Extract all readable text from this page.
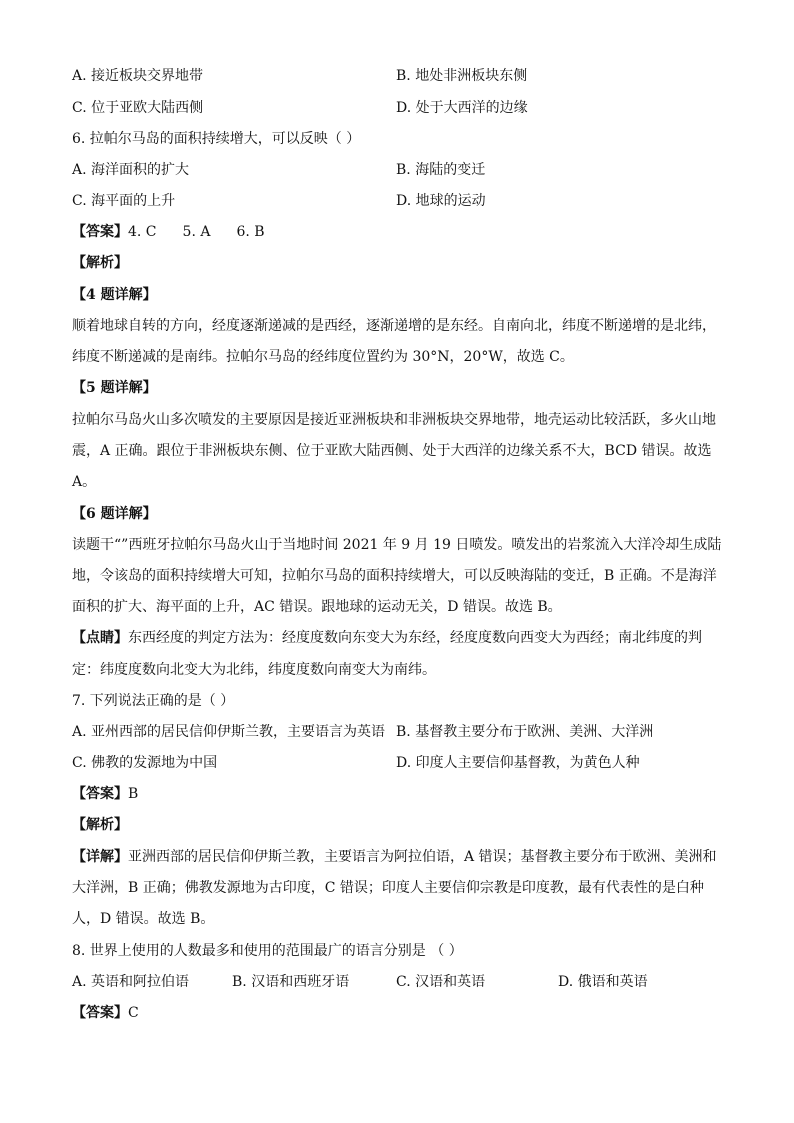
A. 接近板块交界地带	B. 地处非洲板块东侧
C. 位于亚欧大陆西侧	D. 处于大西洋的边缘
6. 拉帕尔马岛的面积持续增大，可以反映（ ）
A. 海洋面积的扩大	B. 海陆的变迁
C. 海平面的上升	D. 地球的运动
【答案】4. C 5. A 6. B
【解析】
【4 题详解】
顺着地球自转的方向，经度逐渐递减的是西经，逐渐递增的是东经。自南向北，纬度不断递增的是北纬，
纬度不断递减的是南纬。拉帕尔马岛的经纬度位置约为 30°N，20°W，故选 C。
【5 题详解】
拉帕尔马岛火山多次喷发的主要原因是接近亚洲板块和非洲板块交界地带，地壳运动比较活跃，多火山地
震，A 正确。跟位于非洲板块东侧、位于亚欧大陆西侧、处于大西洋的边缘关系不大，BCD 错误。故选
A。
【6 题详解】
读题干“”西班牙拉帕尔马岛火山于当地时间 2021 年 9 月 19 日喷发。喷发出的岩浆流入大洋冷却生成陆
地，令该岛的面积持续增大可知，拉帕尔马岛的面积持续增大，可以反映海陆的变迁，B 正确。不是海洋
面积的扩大、海平面的上升，AC 错误。跟地球的运动无关，D 错误。故选 B。
【点睛】东西经度的判定方法为：经度度数向东变大为东经，经度度数向西变大为西经；南北纬度的判
定：纬度度数向北变大为北纬，纬度度数向南变大为南纬。
7. 下列说法正确的是（ ）
A. 亚州西部的居民信仰伊斯兰教，主要语言为英语 B. 基督教主要分布于欧洲、美洲、大洋洲
C. 佛教的发源地为中国	D. 印度人主要信仰基督教，为黄色人种
【答案】B
【解析】
【详解】亚洲西部的居民信仰伊斯兰教，主要语言为阿拉伯语，A 错误；基督教主要分布于欧洲、美洲和
大洋洲，B 正确；佛教发源地为古印度，C 错误；印度人主要信仰宗教是印度教，最有代表性的是白种
人，D 错误。故选 B。
8. 世界上使用的人数最多和使用的范围最广的语言分别是 （ ）
A. 英语和阿拉伯语	B. 汉语和西班牙语	C. 汉语和英语	D. 俄语和英语
【答案】C
